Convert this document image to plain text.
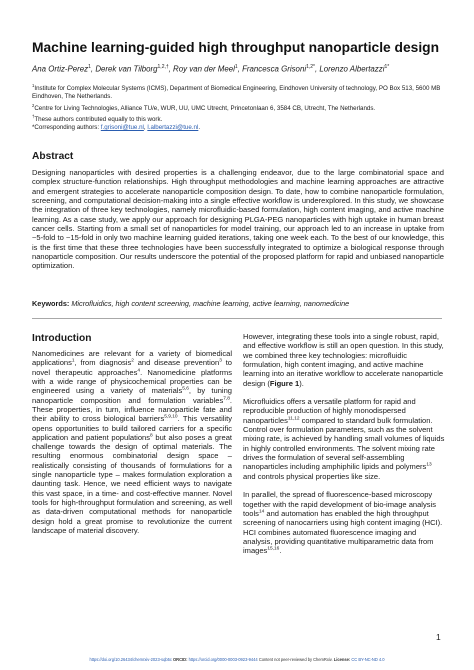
Machine learning-guided high throughput nanoparticle design
Ana Ortiz-Perez$^1$, Derek van Tilborg$^{1,2,\dagger}$, Roy van der Meel$^1$, Francesca Grisoni$^{1,2*}$, Lorenzo Albertazzi$^{1*}$
$^1$Institute for Complex Molecular Systems (ICMS), Department of Biomedical Engineering, Eindhoven University of technology, PO Box 513, 5600 MB Eindhoven, The Netherlands.
$^2$Centre for Living Technologies, Alliance TU/e, WUR, UU, UMC Utrecht, Princetonlaan 6, 3584 CB, Utrecht, The Netherlands.
†These authors contributed equally to this work.
*Corresponding authors: f.grisoni@tue.nl, l.albertazzi@tue.nl.
Abstract
Designing nanoparticles with desired properties is a challenging endeavor, due to the large combinatorial space and complex structure-function relationships. High throughput methodologies and machine learning approaches are attractive and emergent strategies to accelerate nanoparticle composition design. To date, how to combine nanoparticle formulation, screening, and computational decision-making into a single effective workflow is underexplored. In this study, we showcase the integration of three key technologies, namely microfluidic-based formulation, high content imaging, and active machine learning. As a case study, we apply our approach for designing PLGA-PEG nanoparticles with high uptake in human breast cancer cells. Starting from a small set of nanoparticles for model training, our approach led to an increase in uptake from ~5-fold to ~15-fold in only two machine learning guided iterations, taking one week each. To the best of our knowledge, this is the first time that these three technologies have been successfully integrated to optimize a biological response through nanoparticle composition. Our results underscore the potential of the proposed platform for rapid and unbiased nanoparticle optimization.
Keywords: Microfluidics, high content screening, machine learning, active learning, nanomedicine
Introduction

Nanomedicines are relevant for a variety of biomedical applications$^1$, from diagnosis$^2$ and disease prevention$^3$ to novel therapeutic approaches$^4$. Nanomedicine platforms with a wide range of physicochemical properties can be engineered using a variety of materials$^{5,6}$, by tuning nanoparticle composition and formulation variables$^{7,8}$. These properties, in turn, influence nanoparticle fate and their ability to cross biological barriers$^{5,9,10}$. This versatility opens opportunities to build tailored carriers for a specific application and patient populations$^8$ but also poses a great challenge towards the design of optimal materials. The resulting enormous combinatorial design space – realistically consisting of thousands of formulations for a single nanoparticle type – makes formulation exploration a daunting task. Hence, we need efficient ways to navigate this vast space, in a time- and cost-effective manner. Novel tools for high-throughput formulation and screening, as well as data-driven computational methods for nanoparticle design hold a great promise to revolutionize the current landscape of material discovery.

However, integrating these tools into a single robust, rapid, and effective workflow is still an open question. In this study, we combined three key technologies: microfluidic formulation, high content imaging, and active machine learning into an iterative workflow to accelerate nanoparticle design (Figure 1).

Microfluidics offers a versatile platform for rapid and reproducible production of highly monodispersed nanoparticles$^{11,12}$ compared to standard bulk formulation. Control over formulation parameters, such as the solvent mixing rate, is achieved by handling small volumes of liquids in highly controlled environments. The solvent mixing rate drives the formulation of several self-assembling nanoparticles including amphiphilic lipids and polymers$^{13}$ and controls physical properties like size.

In parallel, the spread of fluorescence-based microscopy together with the rapid development of bio-image analysis tools$^{14}$ and automation has enabled the high throughput screening of nanocarriers using high content imaging (HCI). HCI combines automated fluorescence imaging and analysis, providing quantitative multiparametric data from images$^{15,16}$.

1
https://doi.org/10.26434/chemrxiv-2023-sqb5c ORCID: https://orcid.org/0000-0003-0923-9444 Content not peer-reviewed by ChemRxiv. License: CC BY-NC-ND 4.0
